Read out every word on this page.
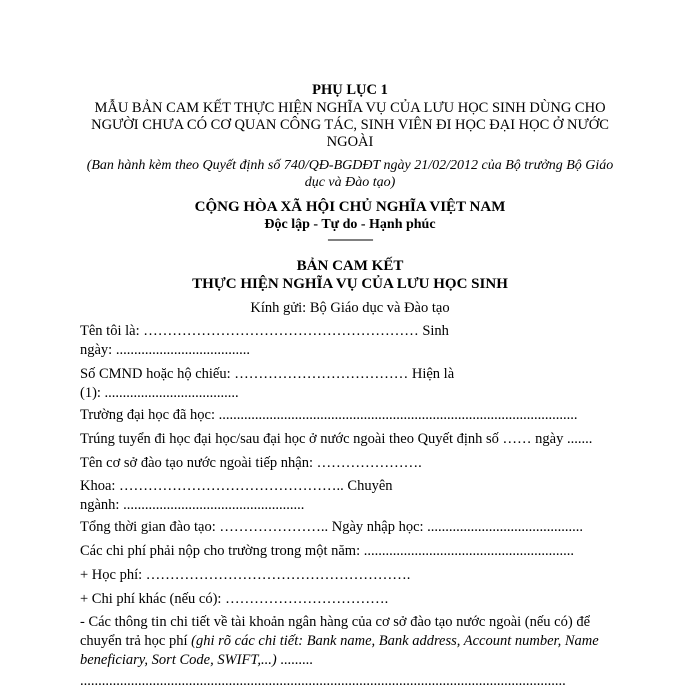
PHỤ LỤC 1
MẪU BẢN CAM KẾT THỰC HIỆN NGHĨA VỤ CỦA LƯU HỌC SINH DÙNG CHO NGƯỜI CHƯA CÓ CƠ QUAN CÔNG TÁC, SINH VIÊN ĐI HỌC ĐẠI HỌC Ở NƯỚC NGOÀI
(Ban hành kèm theo Quyết định số 740/QĐ-BGDĐT ngày 21/02/2012 của Bộ trưởng Bộ Giáo dục và Đào tạo)
CỘNG HÒA XÃ HỘI CHỦ NGHĨA VIỆT NAM
Độc lập - Tự do - Hạnh phúc
---------------
BẢN CAM KẾT
THỰC HIỆN NGHĨA VỤ CỦA LƯU HỌC SINH
Kính gửi: Bộ Giáo dục và Đào tạo
Tên tôi là: ………………………………………………… Sinh
ngày: .....................................
Số CMND hoặc hộ chiếu: ……………………………… Hiện là
(1): .....................................
Trường đại học đã học: ...................................................................................................
Trúng tuyển đi học đại học/sau đại học ở nước ngoài theo Quyết định số …… ngày .......
Tên cơ sở đào tạo nước ngoài tiếp nhận: ………………….
Khoa: ……………………………………….. Chuyên
ngành: ..................................................
Tổng thời gian đào tạo: ………………….. Ngày nhập học: ...........................................
Các chi phí phải nộp cho trường trong một năm: ..........................................................
+ Học phí: ……………………………………………….
+ Chi phí khác (nếu có): …………………………….
- Các thông tin chi tiết về tài khoản ngân hàng của cơ sở đào tạo nước ngoài (nếu có) để chuyển trả học phí (ghi rõ các chi tiết: Bank name, Bank address, Account number, Name beneficiary, Sort Code, SWIFT,...) .........
......................................................................................................................................
